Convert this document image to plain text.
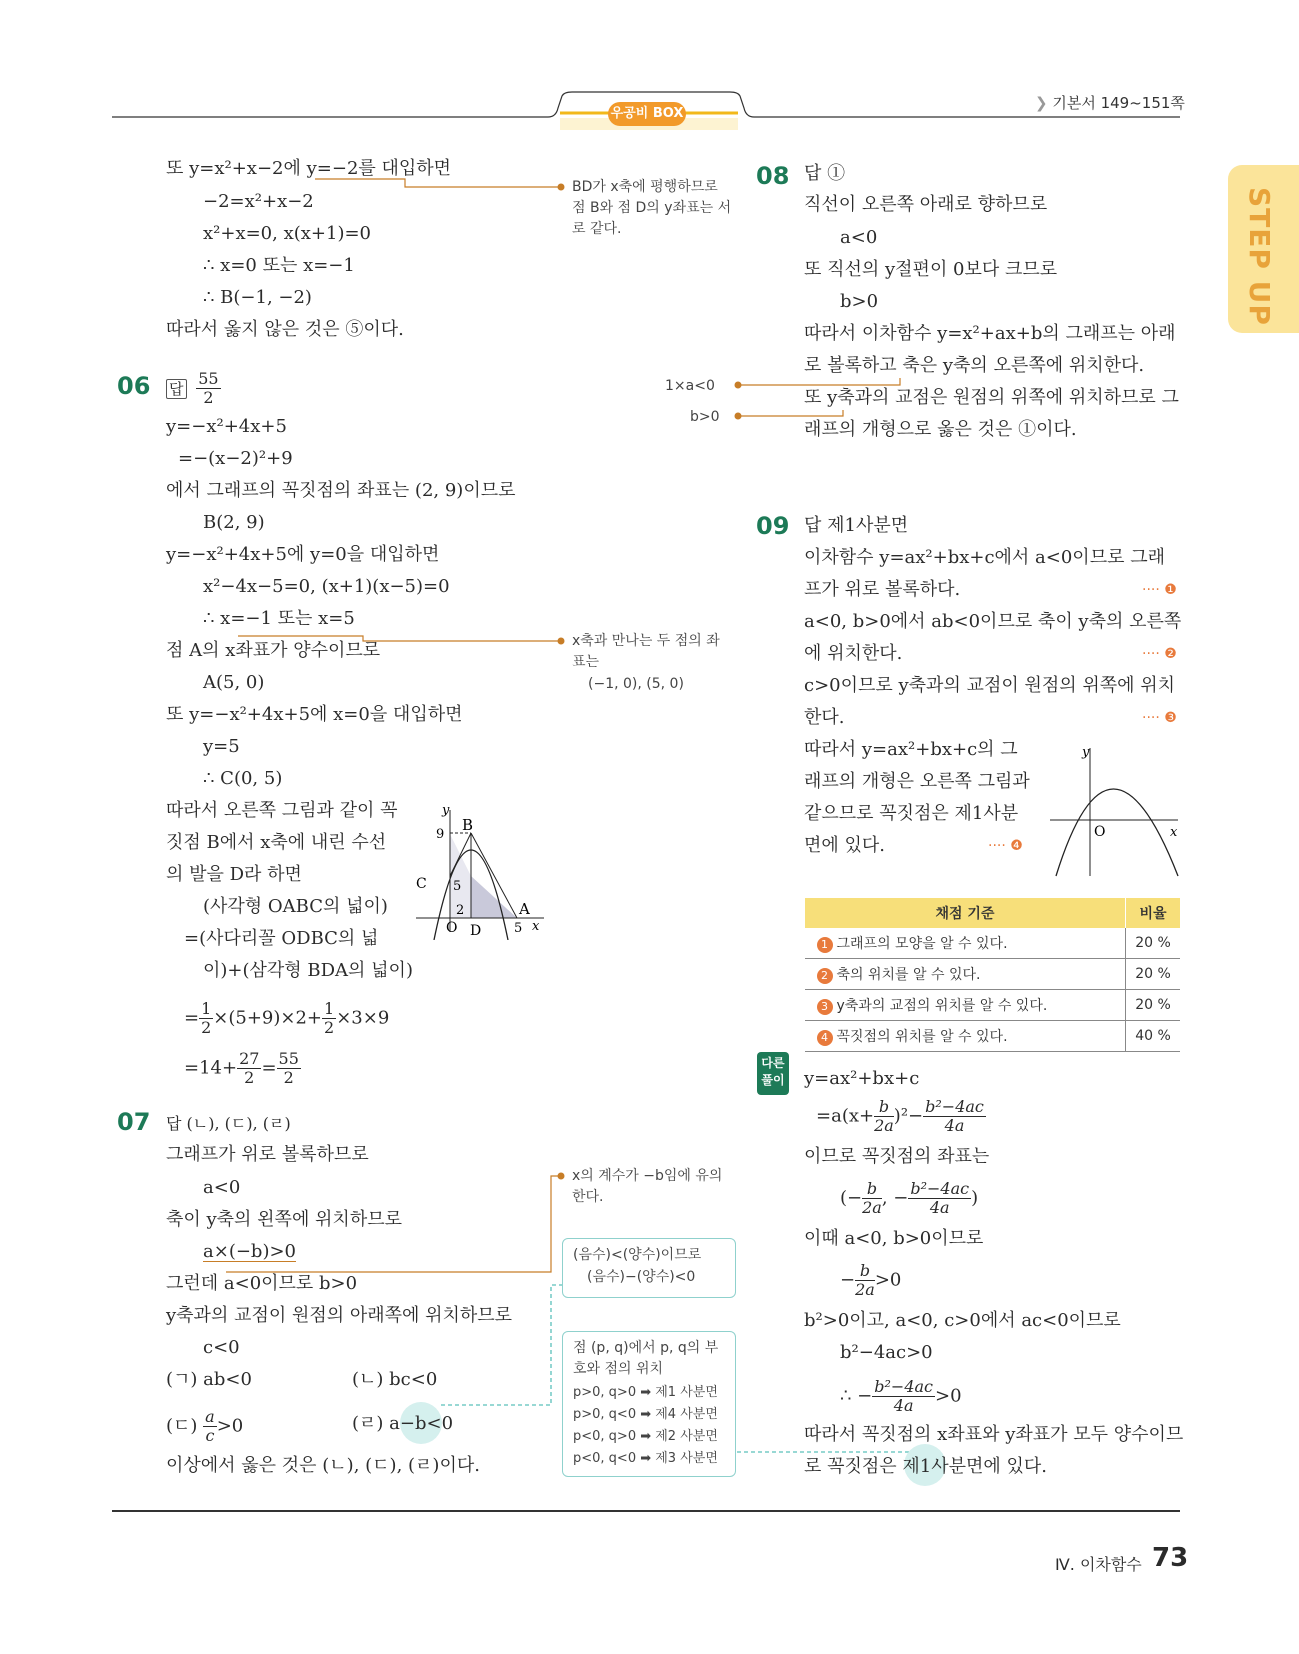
우공비 BOX
❯ 기본서 149~151쪽
STEP UP
Ⅳ. 이차함수 73
또 y=x²+x−2에 y=−2를 대입하면
−2=x²+x−2
x²+x=0, x(x+1)=0
∴ x=0 또는 x=−1
∴ B(−1, −2)
따라서 옳지 않은 것은 ⑤이다.
06 답 $\frac{55}{2}$
y=−x²+4x+5
=−(x−2)²+9
에서 그래프의 꼭짓점의 좌표는 (2, 9)이므로
B(2, 9)
y=−x²+4x+5에 y=0을 대입하면
x²−4x−5=0, (x+1)(x−5)=0
∴ x=−1 또는 x=5
점 A의 x좌표가 양수이므로
A(5, 0)
또 y=−x²+4x+5에 x=0을 대입하면
y=5
∴ C(0, 5)
따라서 오른쪽 그림과 같이 꼭
짓점 B에서 x축에 내린 수선
의 발을 D라 하면
(사각형 OABC의 넓이)
=(사다리꼴 ODBC의 넓
이)+(삼각형 BDA의 넓이)
= $\frac{1}{2} \times(5+9)\times 2+ \frac{1}{2} \times 3\times 9$
$=14+ \frac{27}{2} = \frac{55}{2}$
y
B
9
C 5
2	A
O D	5 x
07 답 (ㄴ), (ㄷ), (ㄹ)
그래프가 위로 볼록하므로
a<0
축이 y축의 왼쪽에 위치하므로
a×(−b)>0
그런데 a<0이므로 b>0
y축과의 교점이 원점의 아래쪽에 위치하므로
c<0
(ㄱ) ab<0	(ㄴ) bc<0
(ㄷ) $\frac{a}{c} >0$	(ㄹ) a−b<0
이상에서 옳은 것은 (ㄴ), (ㄷ), (ㄹ)이다.
BD가 x축에 평행하므로 점 B와 점 D의 y좌표는 서로 같다.
1×a<0
b>0
x축과 만나는 두 점의 좌표는
(−1, 0), (5, 0)
x의 계수가 −b임에 유의한다.
(음수)<(양수)이므로
(음수)−(양수)<0
점 (p, q)에서 p, q의 부호와 점의 위치
p>0, q>0 ➡ 제1 사분면
p>0, q<0 ➡ 제4 사분면
p<0, q>0 ➡ 제2 사분면
p<0, q<0 ➡ 제3 사분면
08 답 ①
직선이 오른쪽 아래로 향하므로
a<0
또 직선의 y절편이 0보다 크므로
b>0
따라서 이차함수 y=x²+ax+b의 그래프는 아래
로 볼록하고 축은 y축의 오른쪽에 위치한다.
또 y축과의 교점은 원점의 위쪽에 위치하므로 그
래프의 개형으로 옳은 것은 ①이다.
09 답 제1사분면
이차함수 y=ax²+bx+c에서 a<0이므로 그래
프가 위로 볼록하다.
a<0, b>0에서 ab<0이므로 축이 y축의 오른쪽
에 위치한다.
c>0이므로 y축과의 교점이 원점의 위쪽에 위치
한다.
따라서 y=ax²+bx+c의 그
래프의 개형은 오른쪽 그림과
같으므로 꼭짓점은 제1사분
면에 있다.
···· ❶
···· ❷
···· ❸
···· ❹
y
O	x
채점 기준	비율
1 그래프의 모양을 알 수 있다.	20 %
2 축의 위치를 알 수 있다.	20 %
3 y축과의 교점의 위치를 알 수 있다.	20 %
4 꼭짓점의 위치를 알 수 있다.	40 %
다른 풀이 y=ax²+bx+c
$=a(x+ \frac{b}{2a} )^2- \frac{\text{b²−4ac}}{4a}$
이므로 꼭짓점의 좌표는
(− $\frac{b}{2a}$ , − $\frac{\text{b²−4ac}}{4a}$ )
이때 a<0, b>0이므로
− $\frac{b}{2a} >0$
b²>0이고, a<0, c>0에서 ac<0이므로
b²−4ac>0
∴ − $\frac{\text{b²−4ac}}{4a} >0$
따라서 꼭짓점의 x좌표와 y좌표가 모두 양수이므
로 꼭짓점은 제1사분면에 있다.
